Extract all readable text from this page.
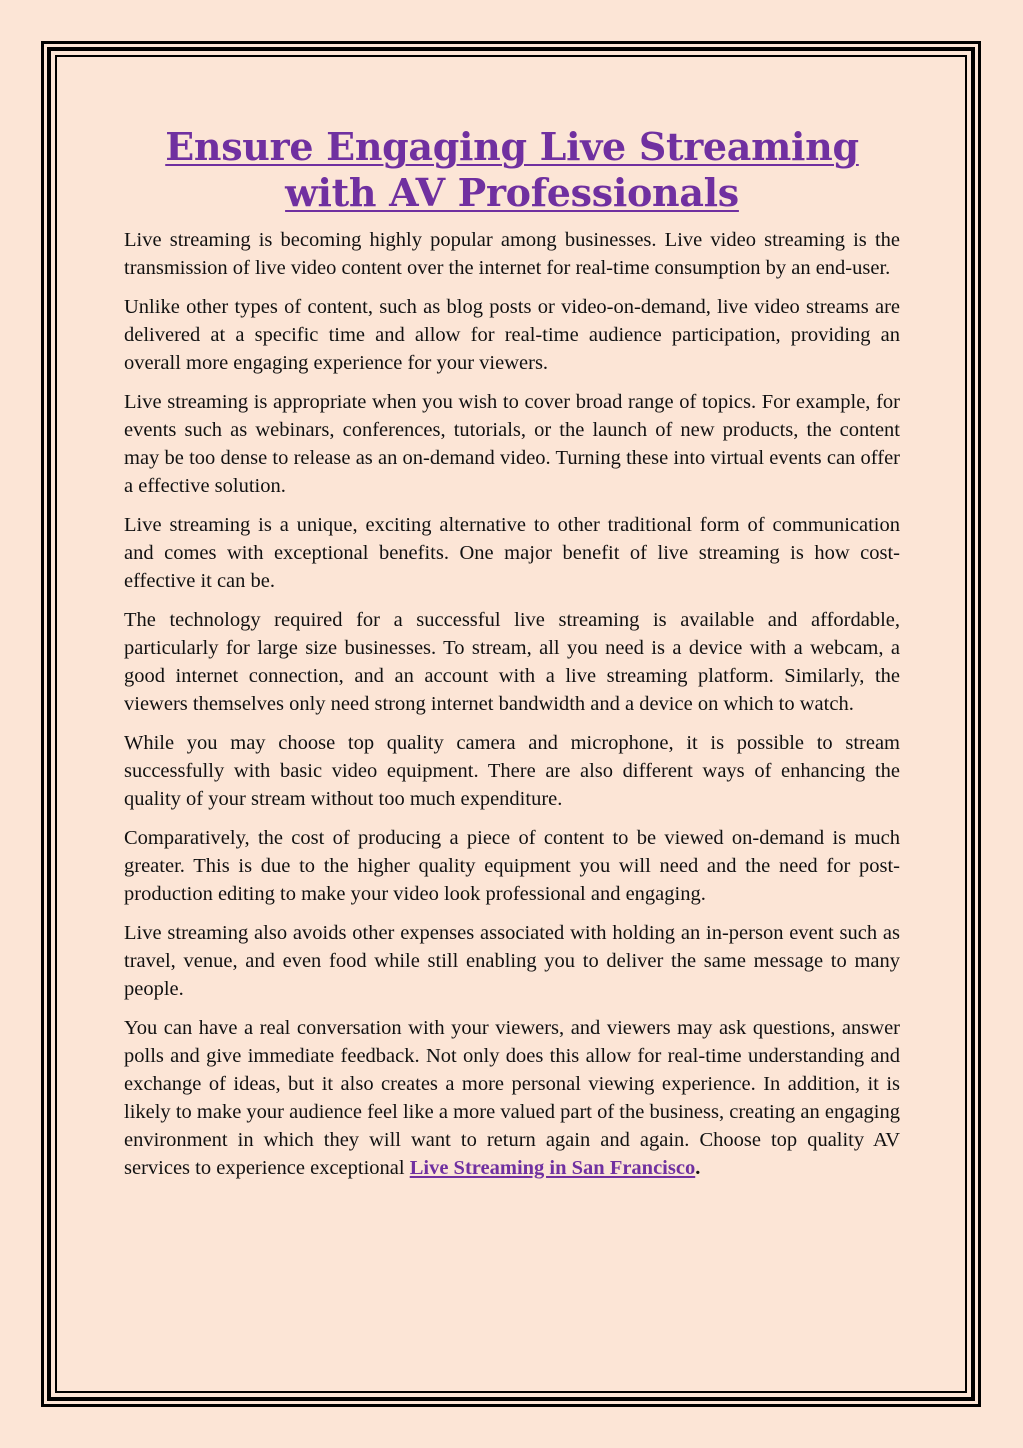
Ensure Engaging Live Streaming
with AV Professionals

Live streaming is becoming highly popular among businesses. Live video streaming is the transmission of live video content over the internet for real-time consumption by an end-user.

Unlike other types of content, such as blog posts or video-on-demand, live video streams are delivered at a specific time and allow for real-time audience participation, providing an overall more engaging experience for your viewers.

Live streaming is appropriate when you wish to cover broad range of topics. For example, for events such as webinars, conferences, tutorials, or the launch of new products, the content may be too dense to release as an on-demand video. Turning these into virtual events can offer a effective solution.

Live streaming is a unique, exciting alternative to other traditional form of communication and comes with exceptional benefits. One major benefit of live streaming is how cost-effective it can be.

The technology required for a successful live streaming is available and affordable, particularly for large size businesses. To stream, all you need is a device with a webcam, a good internet connection, and an account with a live streaming platform. Similarly, the viewers themselves only need strong internet bandwidth and a device on which to watch.

While you may choose top quality camera and microphone, it is possible to stream successfully with basic video equipment. There are also different ways of enhancing the quality of your stream without too much expenditure.

Comparatively, the cost of producing a piece of content to be viewed on-demand is much greater. This is due to the higher quality equipment you will need and the need for post-production editing to make your video look professional and engaging.

Live streaming also avoids other expenses associated with holding an in-person event such as travel, venue, and even food while still enabling you to deliver the same message to many people.

You can have a real conversation with your viewers, and viewers may ask questions, answer polls and give immediate feedback. Not only does this allow for real-time understanding and exchange of ideas, but it also creates a more personal viewing experience. In addition, it is likely to make your audience feel like a more valued part of the business, creating an engaging environment in which they will want to return again and again. Choose top quality AV services to experience exceptional Live Streaming in San Francisco.
